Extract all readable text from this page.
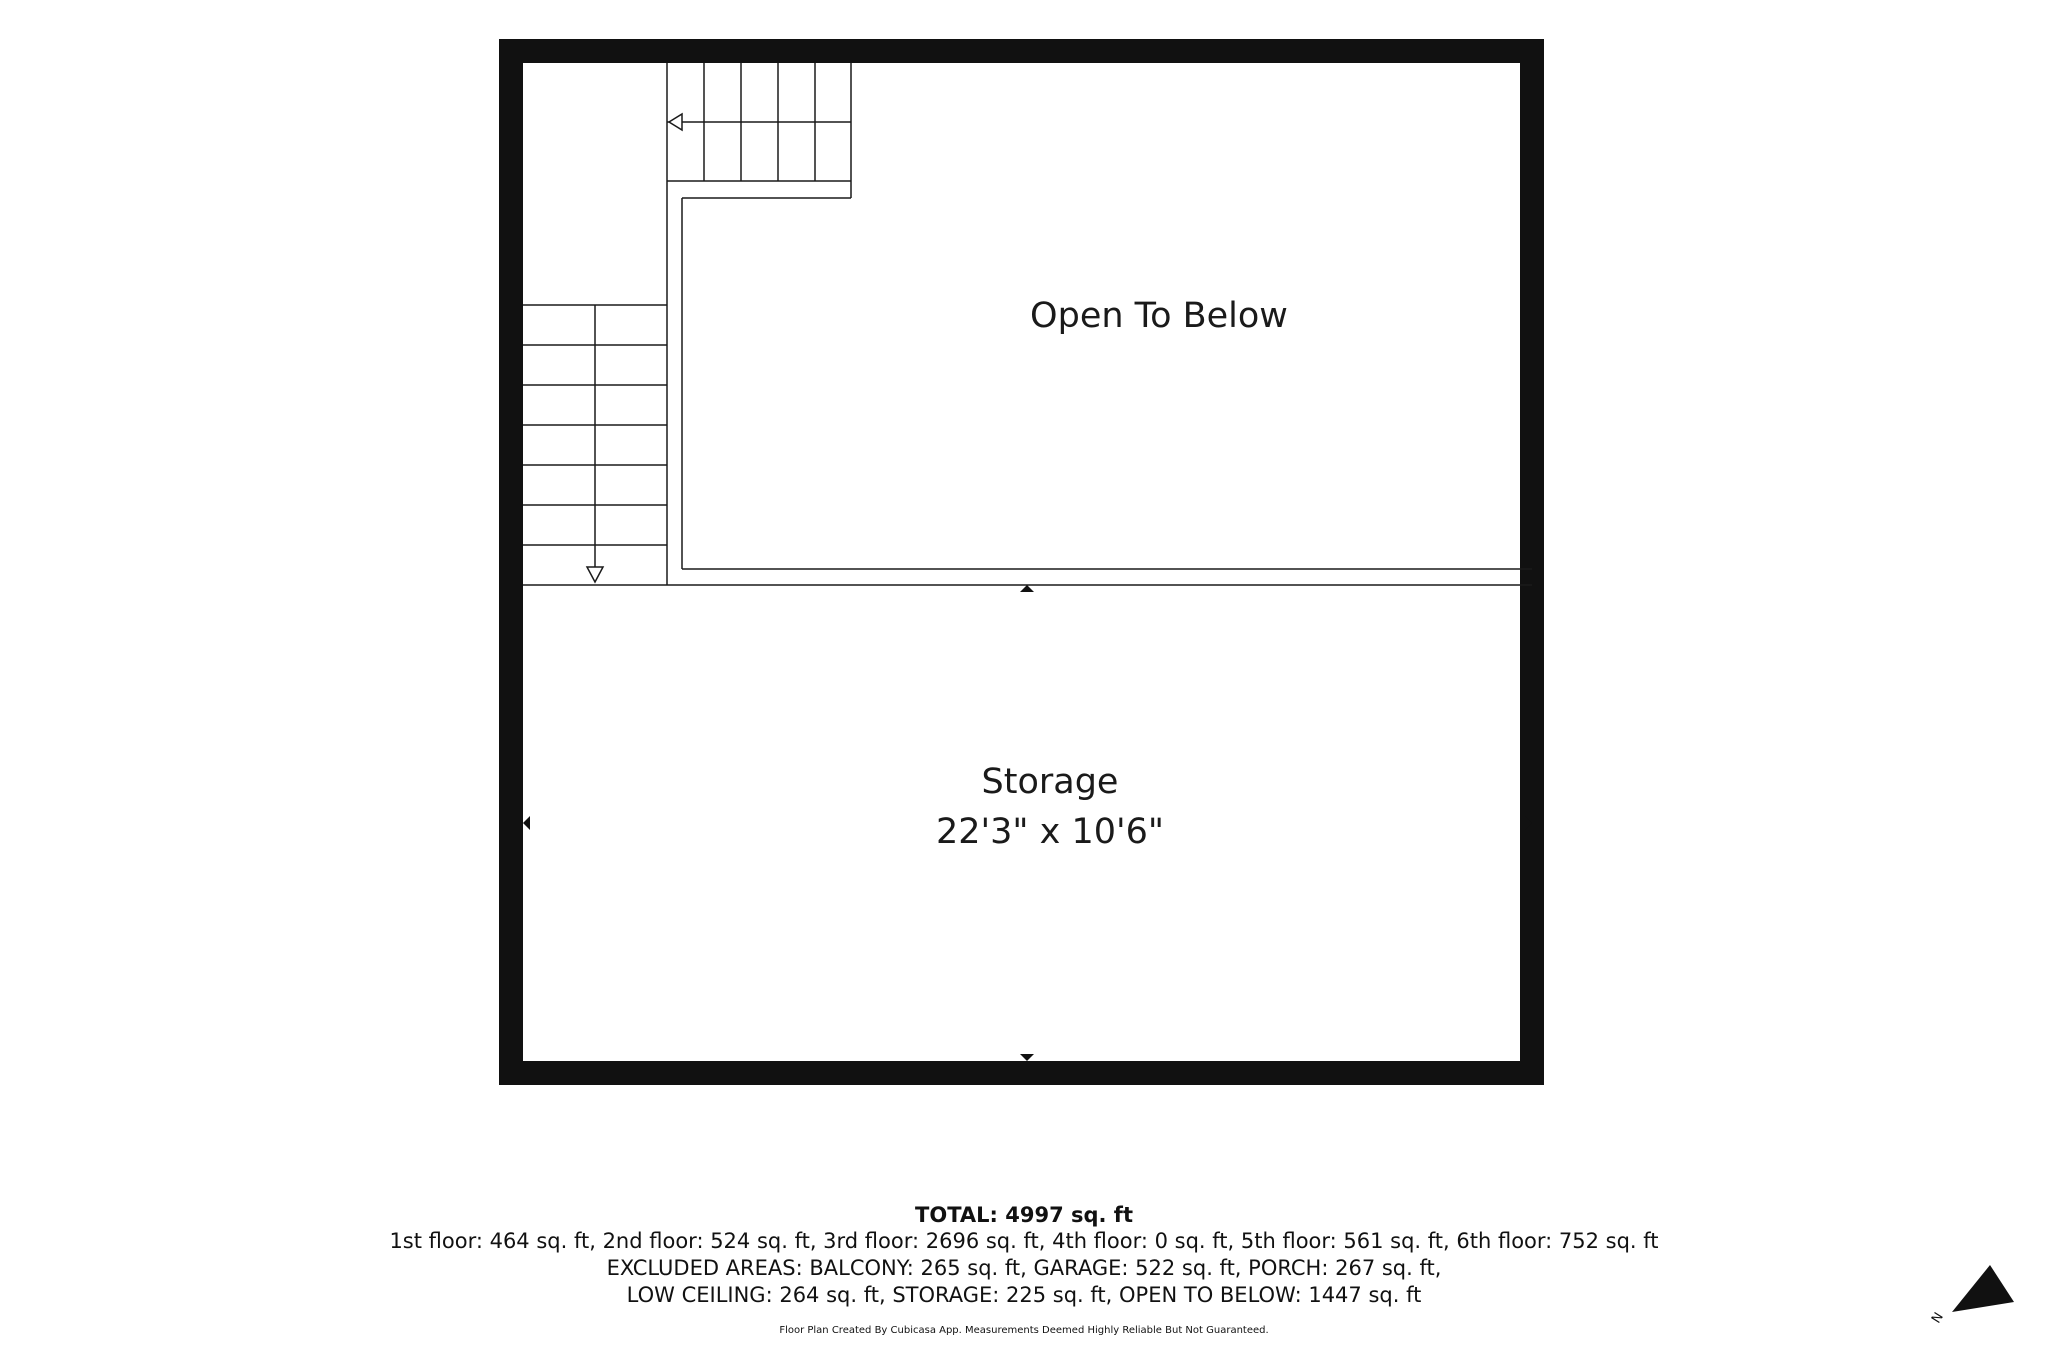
Open To Below
Storage
22'3" x 10'6"
N
TOTAL: 4997 sq. ft
1st floor: 464 sq. ft, 2nd floor: 524 sq. ft, 3rd floor: 2696 sq. ft, 4th floor: 0 sq. ft, 5th floor: 561 sq. ft, 6th floor: 752 sq. ft
EXCLUDED AREAS: BALCONY: 265 sq. ft, GARAGE: 522 sq. ft, PORCH: 267 sq. ft,
LOW CEILING: 264 sq. ft, STORAGE: 225 sq. ft, OPEN TO BELOW: 1447 sq. ft
Floor Plan Created By Cubicasa App. Measurements Deemed Highly Reliable But Not Guaranteed.
